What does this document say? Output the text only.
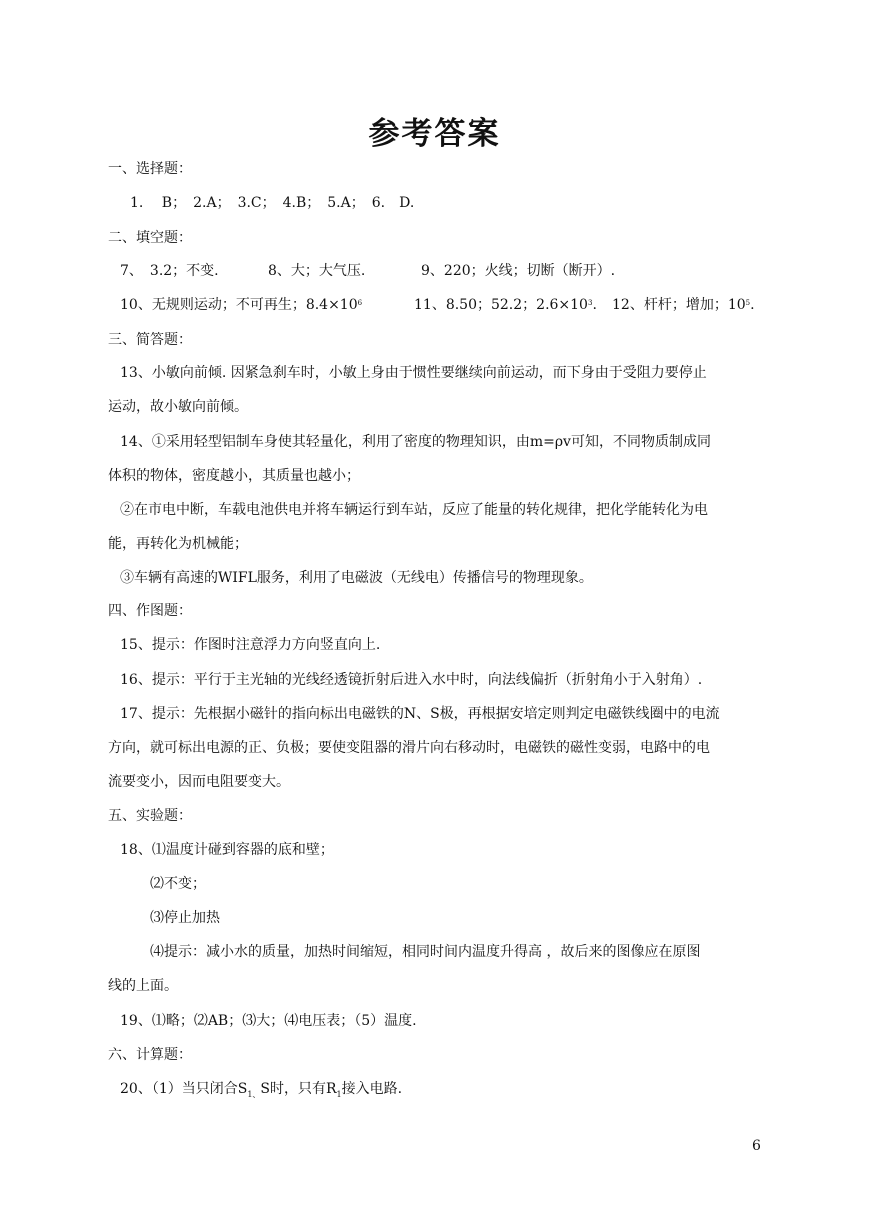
参考答案
一、选择题：
1.　 B；　2.A；　3.C；　4.B；　5.A；　6.　D.
二、填空题：
7、　3.2；不变.	8、大；大气压.	9、220；火线；切断（断开）.
10、无规则运动；不可再生；$8.4\times 10^6$	11、8.50；52.2；$2.6\times 10^3$. 12、杆杆；增加；$10^5$.
三、简答题：
13、小敏向前倾. 因紧急刹车时，小敏上身由于惯性要继续向前运动，而下身由于受阻力要停止
运动，故小敏向前倾。
14、①采用轻型铝制车身使其轻量化，利用了密度的物理知识，由m=ρv可知，不同物质制成同
体积的物体，密度越小，其质量也越小；
②在市电中断，车载电池供电并将车辆运行到车站，反应了能量的转化规律，把化学能转化为电
能，再转化为机械能；
③车辆有高速的WIFL服务，利用了电磁波（无线电）传播信号的物理现象。
四、作图题：
15、提示：作图时注意浮力方向竖直向上.
16、提示：平行于主光轴的光线经透镜折射后进入水中时，向法线偏折（折射角小于入射角）.
17、提示：先根据小磁针的指向标出电磁铁的N、S极，再根据安培定则判定电磁铁线圈中的电流
方向，就可标出电源的正、负极；要使变阻器的滑片向右移动时，电磁铁的磁性变弱，电路中的电
流要变小，因而电阻要变大。
五、实验题：
18、⑴温度计碰到容器的底和壁；
⑵不变；
⑶停止加热
⑷提示：减小水的质量，加热时间缩短，相同时间内温度升得高 ，故后来的图像应在原图
线的上面。
19、⑴略；⑵AB；⑶大；⑷电压表；（5）温度.
六、计算题：
20、（1）当只闭合$S_{1、}S$时，只有$R_1$接入电路.
6
